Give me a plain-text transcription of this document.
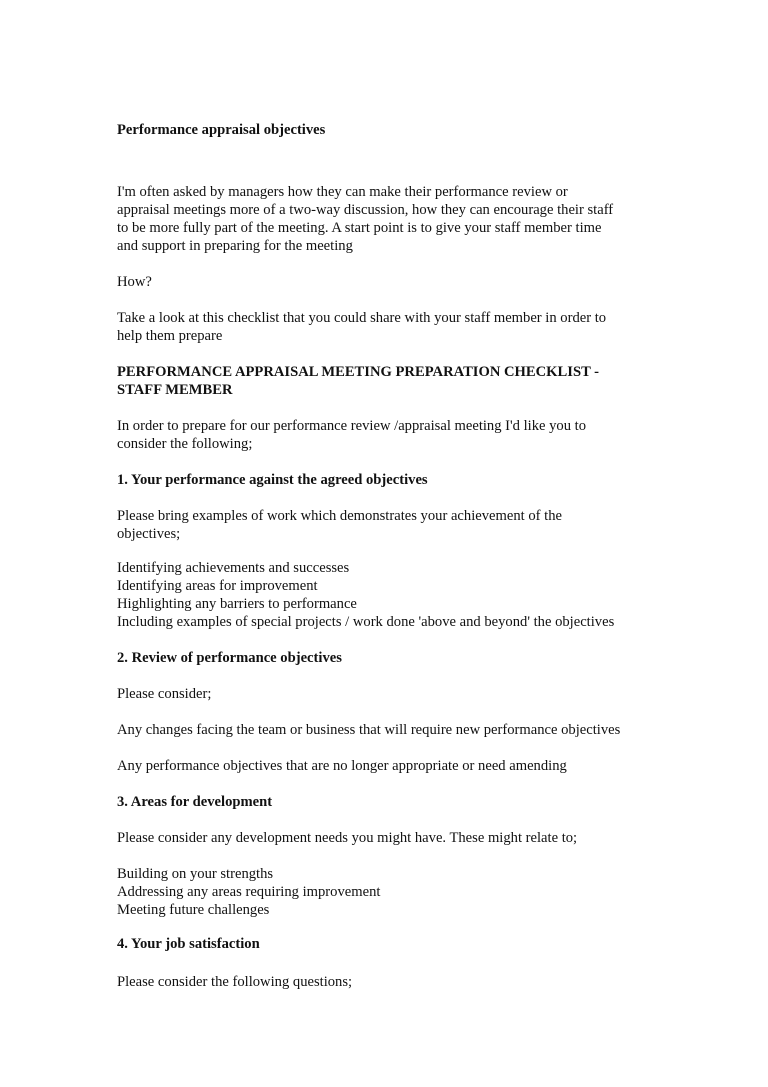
Performance appraisal objectives
I'm often asked by managers how they can make their performance review or
appraisal meetings more of a two-way discussion, how they can encourage their staff
to be more fully part of the meeting. A start point is to give your staff member time
and support in preparing for the meeting
How?
Take a look at this checklist that you could share with your staff member in order to
help them prepare
PERFORMANCE APPRAISAL MEETING PREPARATION CHECKLIST -
STAFF MEMBER
In order to prepare for our performance review /appraisal meeting I'd like you to
consider the following;
1. Your performance against the agreed objectives
Please bring examples of work which demonstrates your achievement of the
objectives;
Identifying achievements and successes
Identifying areas for improvement
Highlighting any barriers to performance
Including examples of special projects / work done 'above and beyond' the objectives
2. Review of performance objectives
Please consider;
Any changes facing the team or business that will require new performance objectives
Any performance objectives that are no longer appropriate or need amending
3. Areas for development
Please consider any development needs you might have. These might relate to;
Building on your strengths
Addressing any areas requiring improvement
Meeting future challenges
4. Your job satisfaction
Please consider the following questions;
